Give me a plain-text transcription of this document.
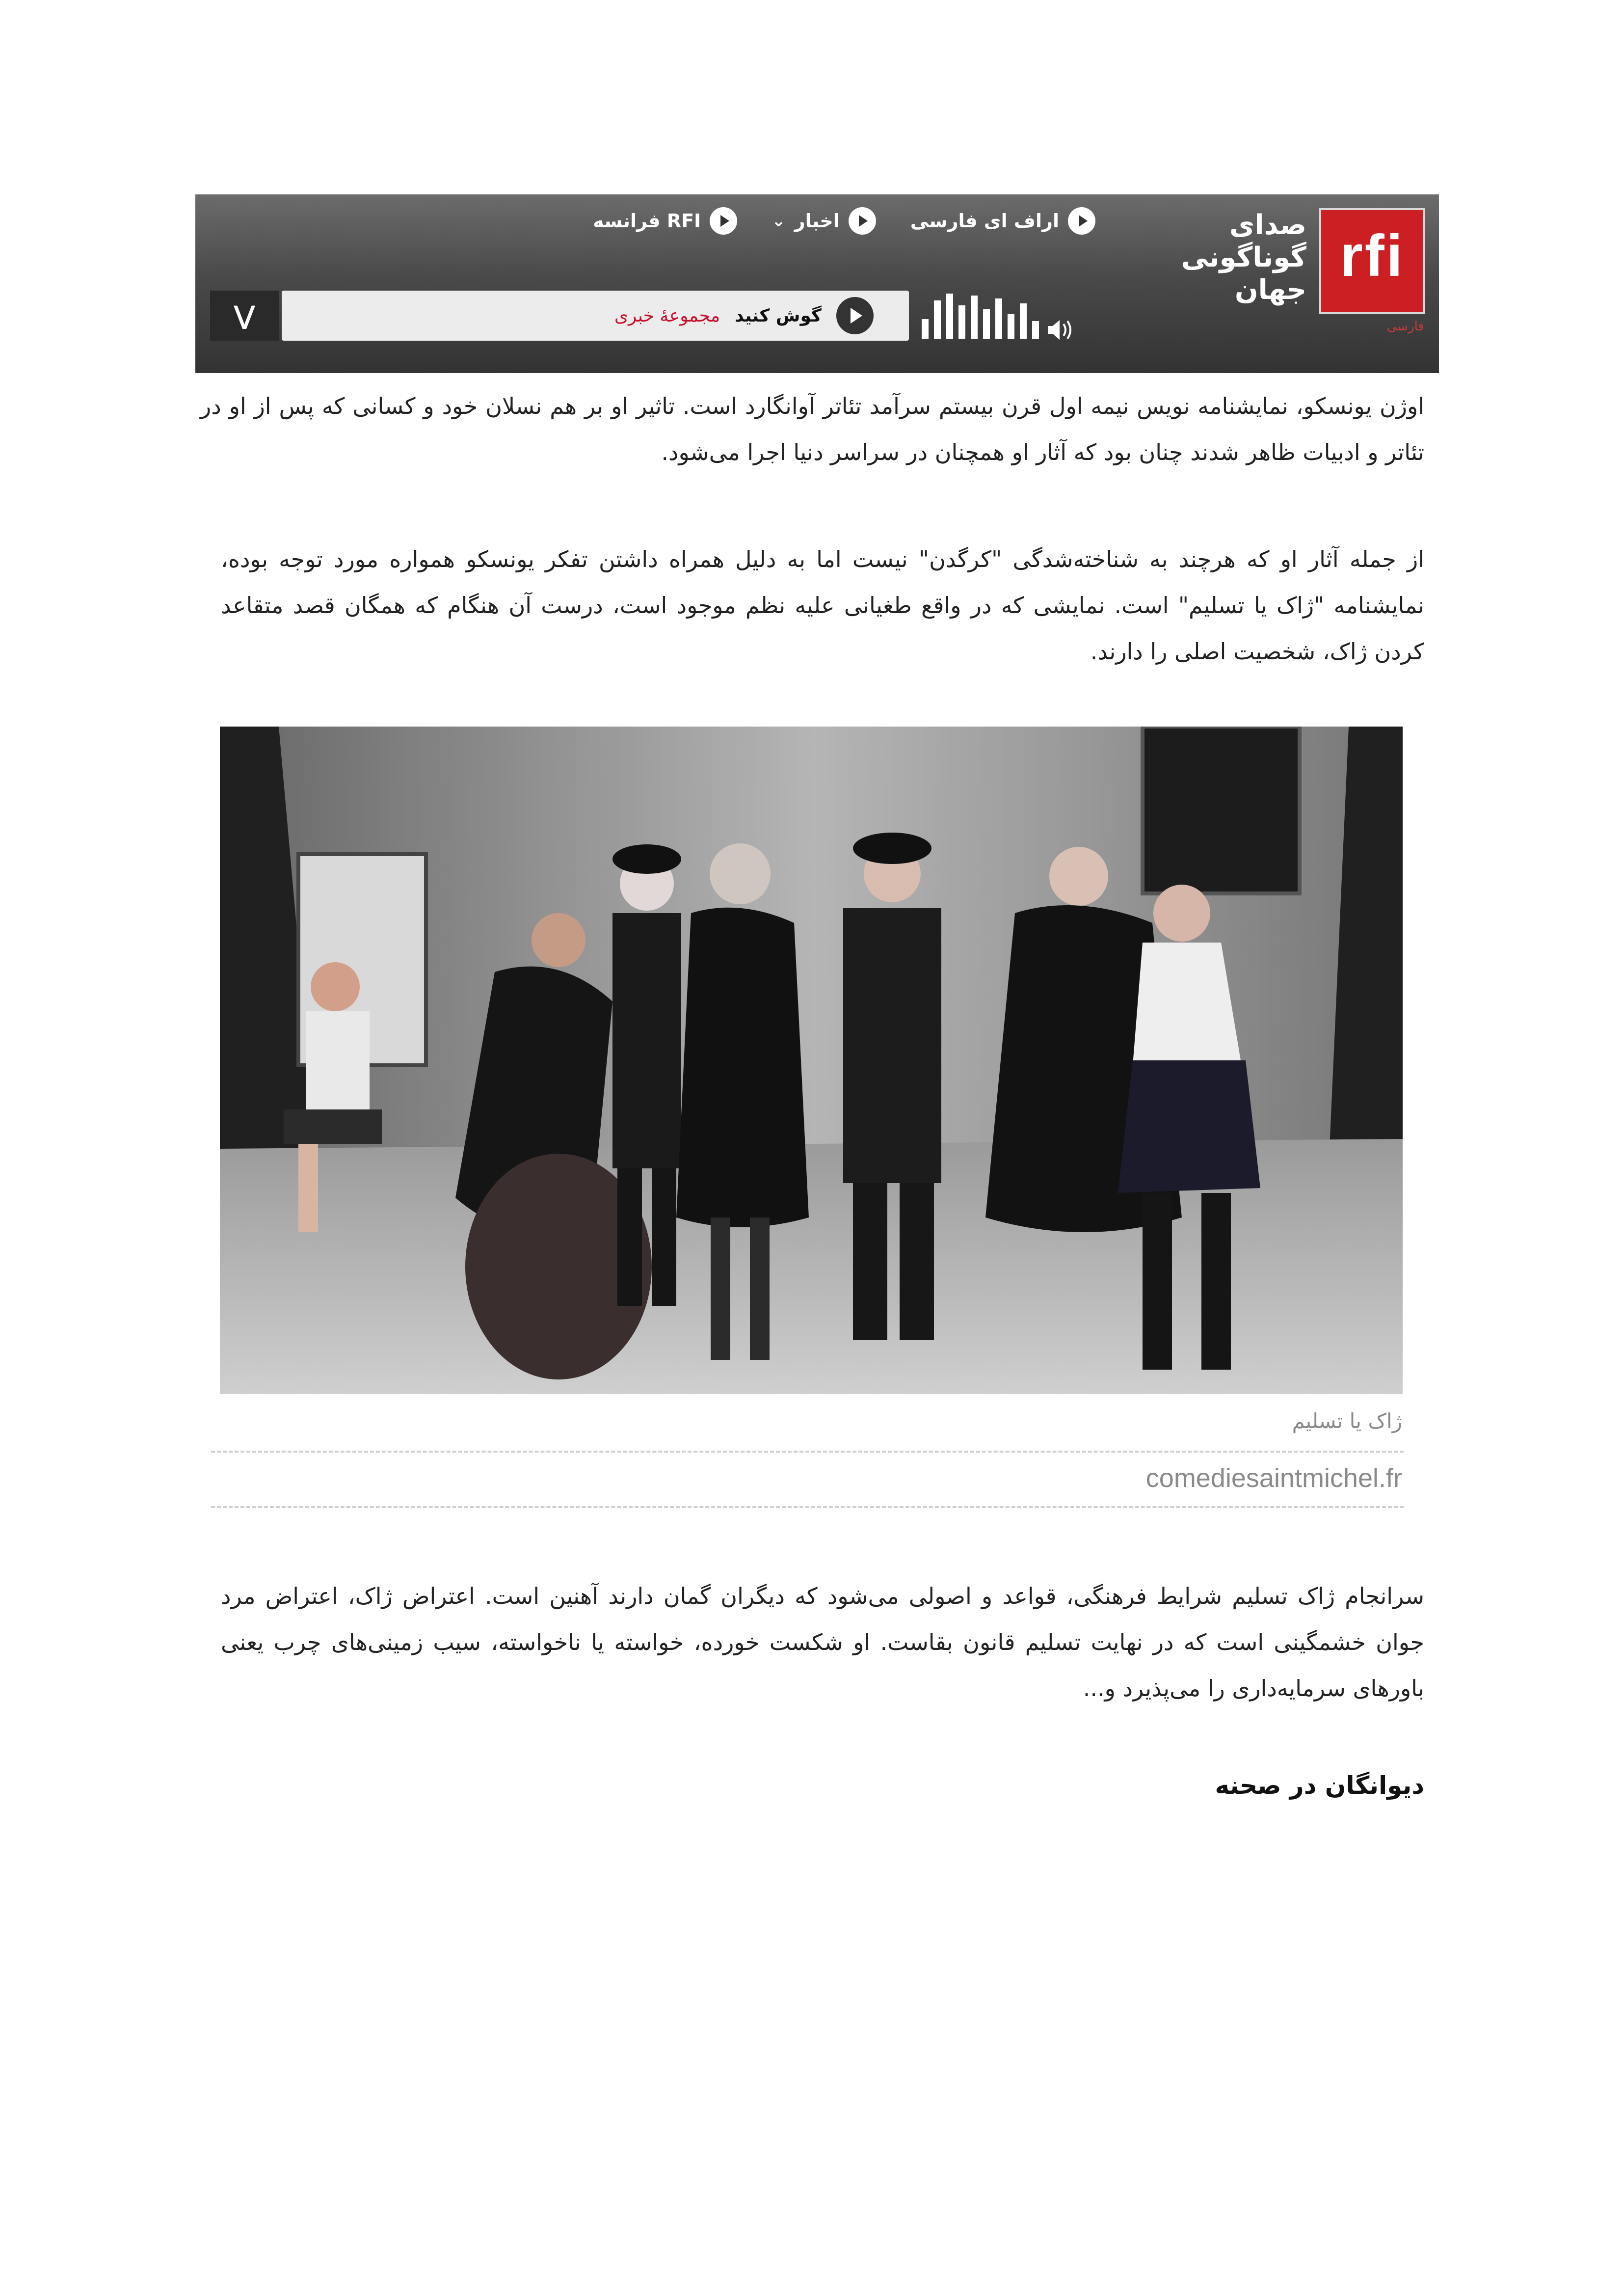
rfi
فارسی
صدای
گوناگونی
جهان
اراف ای فارسی
اخبار
⌄
RFI فرانسه
⋁	گوش کنید
مجموعهٔ خبری
اوژن یونسکو، نمایشنامه نویس نیمه اول قرن بیستم سرآمد تئاتر آوانگارد است. تاثیر او بر هم نسلان خود و کسانی که پس از او در تئاتر و ادبیات ظاهر شدند چنان بود که آثار او همچنان در سراسر دنیا اجرا می‌شود.
از جمله آثار او که هرچند به شناخته‌شدگی "کرگدن" نیست اما به دلیل همراه داشتن تفکر یونسکو همواره مورد توجه بوده، نمایشنامه "ژاک یا تسلیم" است. نمایشی که در واقع طغیانی علیه نظم موجود است، درست آن هنگام که همگان قصد متقاعد کردن ژاک، شخصیت اصلی را دارند.
ژاک یا تسلیم
comediesaintmichel.fr
سرانجام ژاک تسلیم شرایط فرهنگی، قواعد و اصولی می‌شود که دیگران گمان دارند آهنین است. اعتراض ژاک، اعتراض مرد جوان خشمگینی است که در نهایت تسلیم قانون بقاست. او شکست خورده، خواسته یا ناخواسته، سیب زمینی‌های چرب یعنی باورهای سرمایه‌داری را می‌پذیرد و...
دیوانگان در صحنه
